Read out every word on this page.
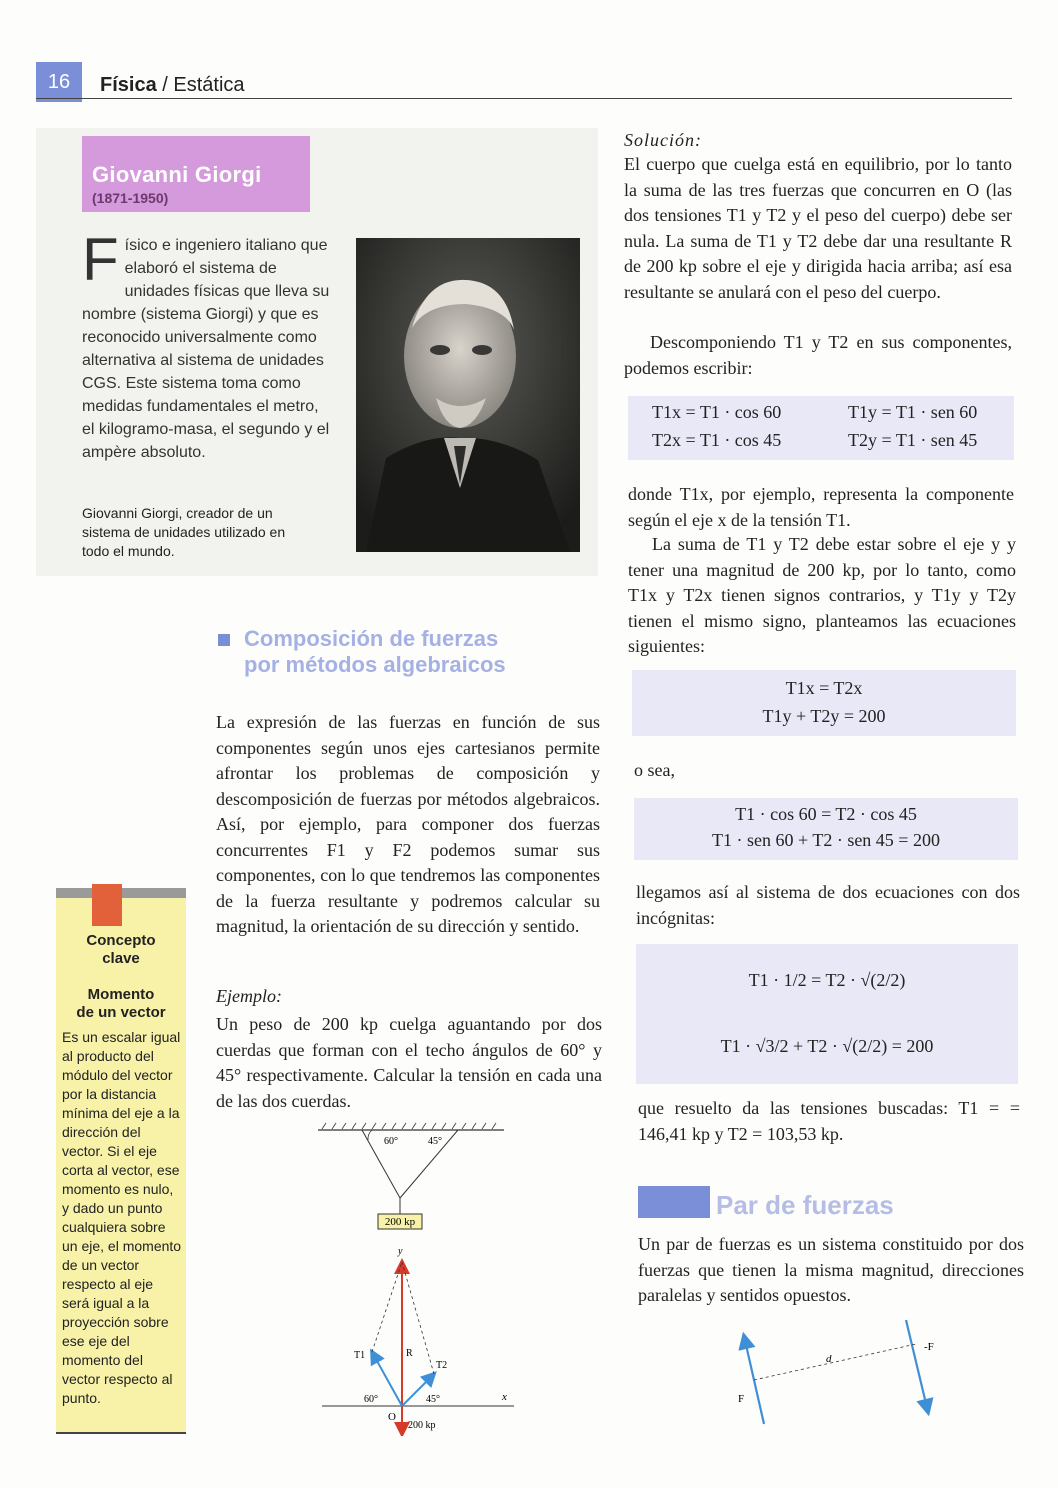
16	Física / Estática
Giovanni Giorgi
(1871-1950)
Físico e ingeniero italiano que elaboró el sistema de unidades físicas que lleva su nombre (sistema Giorgi) y que es reconocido universalmente como alternativa al sistema de unidades CGS. Este sistema toma como medidas fundamentales el metro, el kilogramo-masa, el segundo y el ampère absoluto.
Giovanni Giorgi, creador de un sistema de unidades utilizado en todo el mundo.
Composición de fuerzas
por métodos algebraicos
La expresión de las fuerzas en función de sus componentes según unos ejes cartesianos permite afrontar los problemas de composición y descomposición de fuerzas por métodos algebraicos. Así, por ejemplo, para componer dos fuerzas concurrentes F1 y F2 podemos sumar sus componentes, con lo que tendremos las componentes de la fuerza resultante y podremos calcular su magnitud, la orientación de su dirección y sentido.
Ejemplo:
Un peso de 200 kp cuelga aguantando por dos cuerdas que forman con el techo ángulos de 60° y 45° respectivamente. Calcular la tensión en cada una de las dos cuerdas.
60°	45°
200 kp
y
x
O
T1
T2
R
60°	45°
200 kp
Concepto
clave
Momento
de un vector
Es un escalar igual al producto del módulo del vector por la distancia mínima del eje a la dirección del vector. Si el eje corta al vector, ese momento es nulo, y dado un punto cualquiera sobre un eje, el momento de un vector respecto al eje será igual a la proyección sobre ese eje del momento del vector respecto al punto.
Solución:
El cuerpo que cuelga está en equilibrio, por lo tanto la suma de las tres fuerzas que concurren en O (las dos tensiones T1 y T2 y el peso del cuerpo) debe ser nula. La suma de T1 y T2 debe dar una resultante R de 200 kp sobre el eje y dirigida hacia arriba; así esa resultante se anulará con el peso del cuerpo.
Descomponiendo T1 y T2 en sus componentes, podemos escribir:
T1x = T1 · cos 60	T1y = T1 · sen 60
T2x = T1 · cos 45	T2y = T1 · sen 45
donde T1x, por ejemplo, representa la componente según el eje x de la tensión T1.
La suma de T1 y T2 debe estar sobre el eje y y tener una magnitud de 200 kp, por lo tanto, como T1x y T2x tienen signos contrarios, y T1y y T2y tienen el mismo signo, planteamos las ecuaciones siguientes:
T1x = T2x
T1y + T2y = 200
o sea,
T1 · cos 60 = T2 · cos 45
T1 · sen 60 + T2 · sen 45 = 200
llegamos así al sistema de dos ecuaciones con dos incógnitas:
T1 · 1/2 = T2 · √(2/2)
T1 · √3/2 + T2 · √(2/2) = 200
que resuelto da las tensiones buscadas: T1 = = 146,41 kp y T2 = 103,53 kp.
Par de fuerzas
Un par de fuerzas es un sistema constituido por dos fuerzas que tienen la misma magnitud, direcciones paralelas y sentidos opuestos.
d
F
-F
